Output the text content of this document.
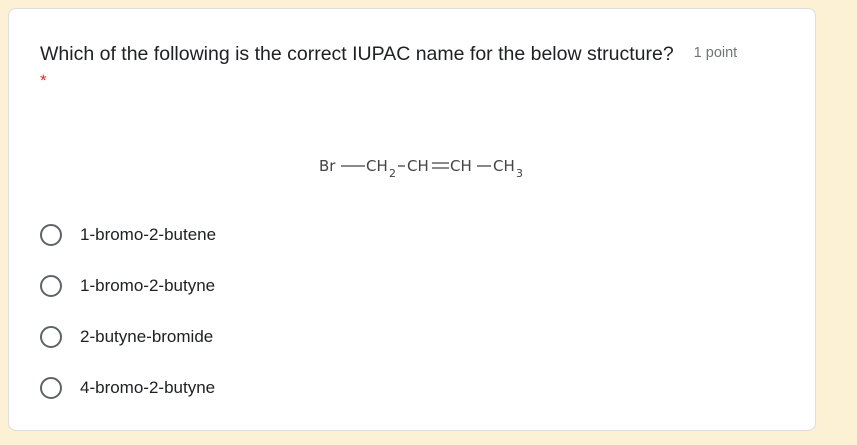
Which of the following is the correct IUPAC name for the below structure? 1 point
*
Br CH 2 CH CH CH 3
1-bromo-2-butene
1-bromo-2-butyne
2-butyne-bromide
4-bromo-2-butyne
